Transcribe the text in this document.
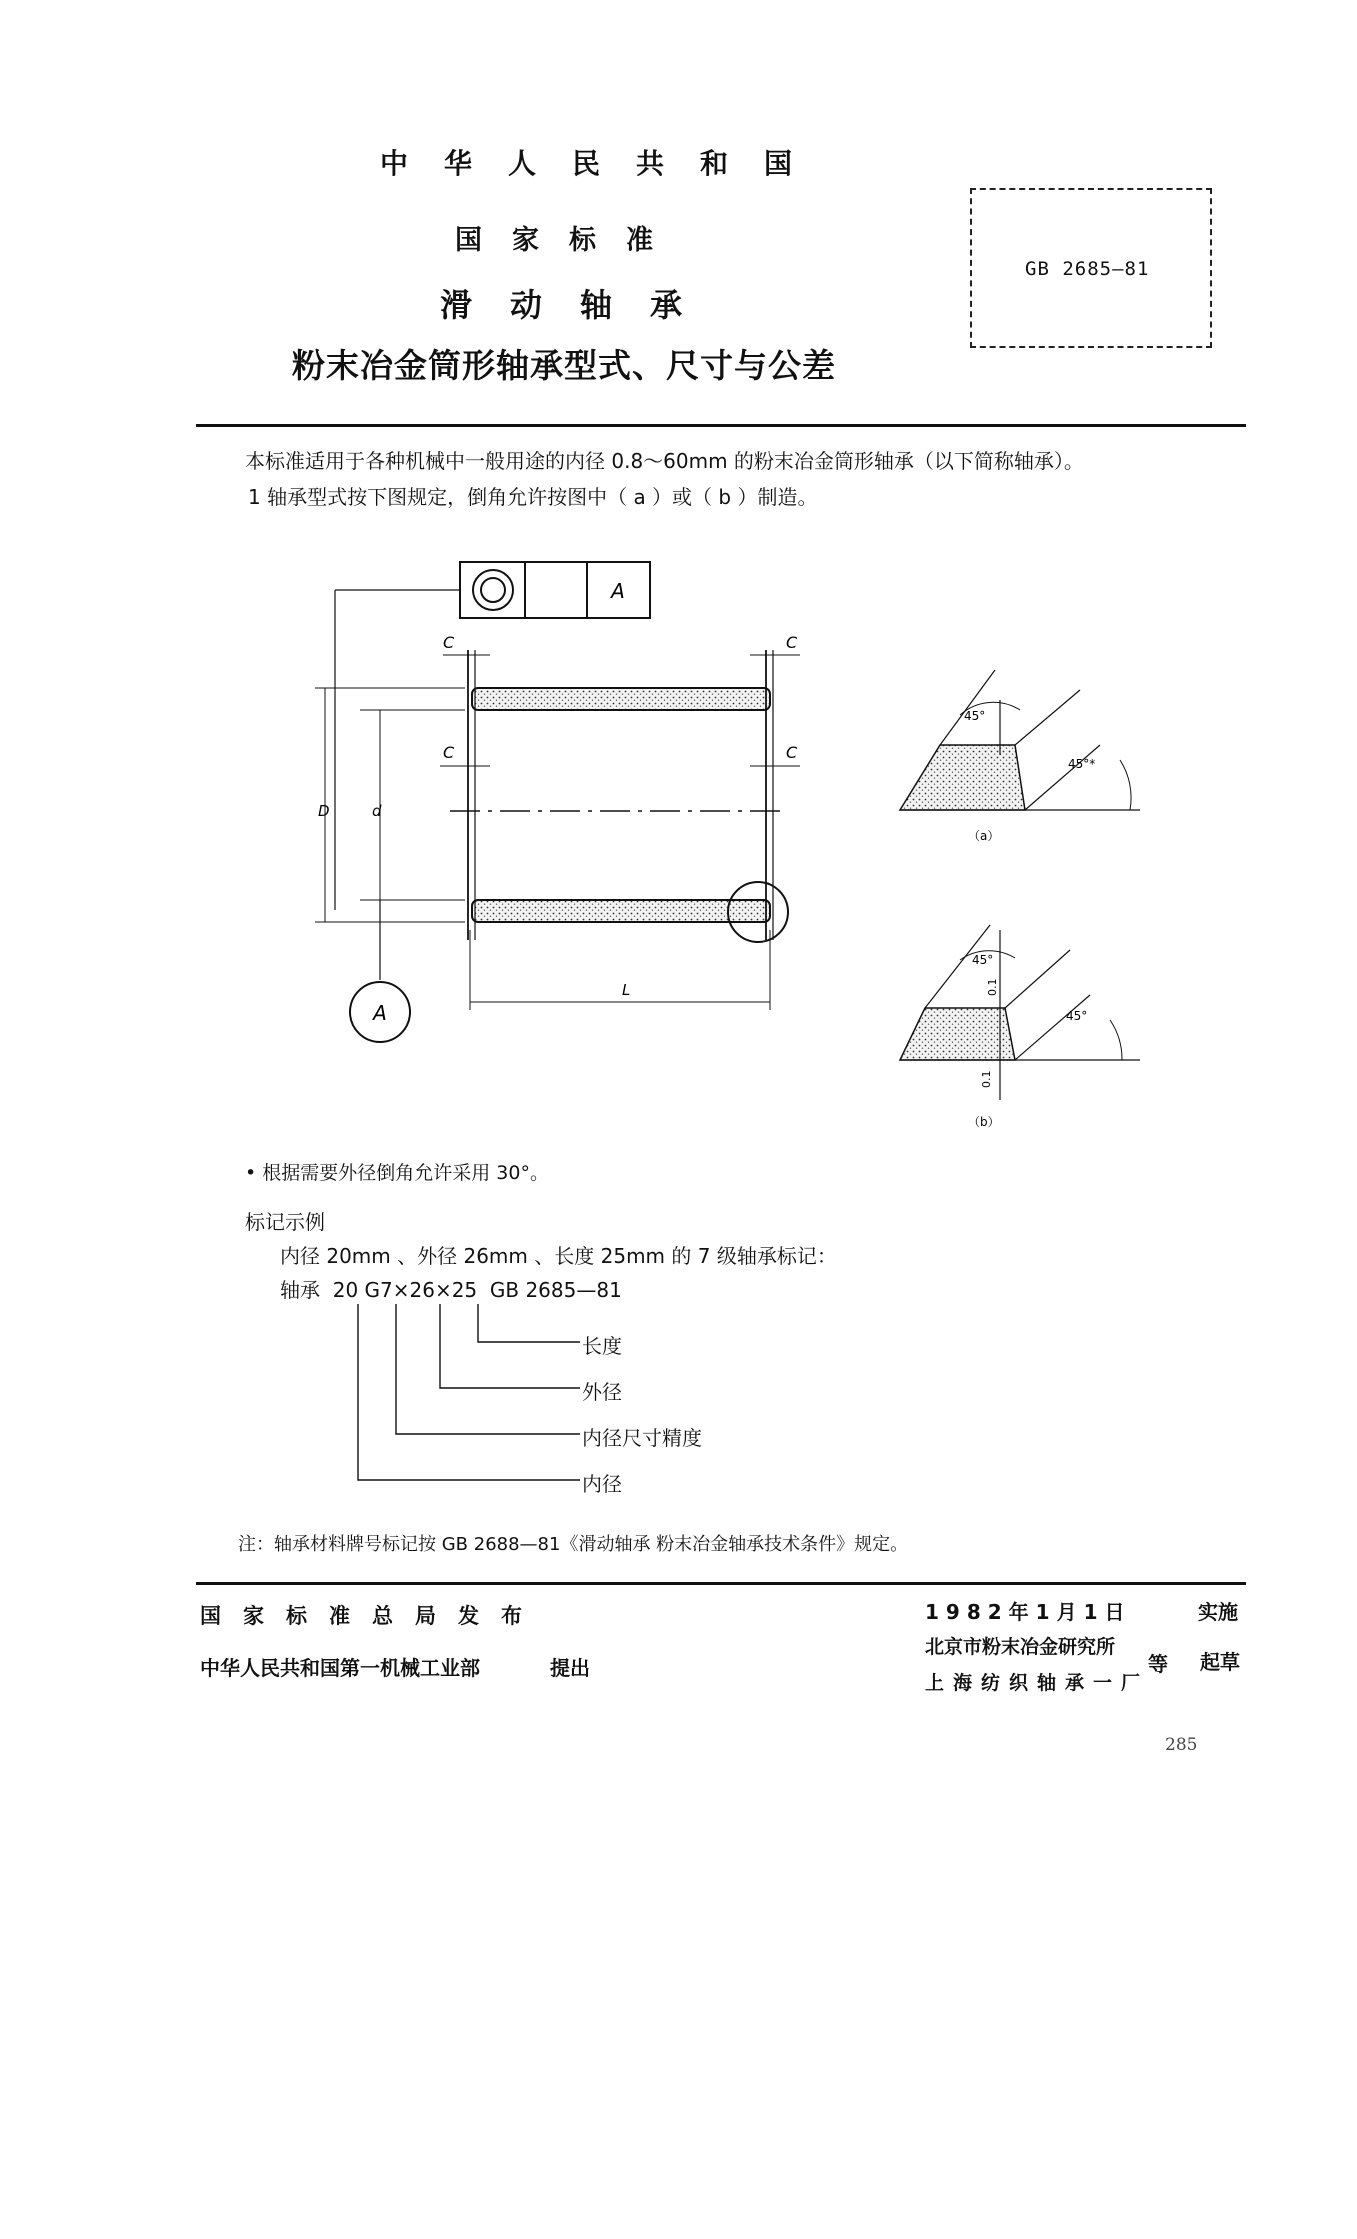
中华人民共和国
国家标准
滑动轴承
粉末冶金筒形轴承型式、尺寸与公差
GB 2685—81
本标准适用于各种机械中一般用途的内径 0.8～60mm 的粉末冶金筒形轴承（以下简称轴承）。
1 轴承型式按下图规定，倒角允许按图中（ a ）或（ b ）制造。
A
C	C
C	C
D	d
A
L
45°
45°*
（a）
45°
45°
0.1
0.1
（b）
• 根据需要外径倒角允许采用 30°。
标记示例
内径 20mm 、外径 26mm 、长度 25mm 的 7 级轴承标记：
轴承  20 G7×26×25  GB 2685—81
长度
外径
内径尺寸精度
内径
注：轴承材料牌号标记按 GB 2688—81《滑动轴承 粉末冶金轴承技术条件》规定。
国家标准总局发布
中华人民共和国第一机械工业部	提出
1982年1月1日	实施
北京市粉末冶金研究所
上海纺织轴承一厂
等 起草
285
